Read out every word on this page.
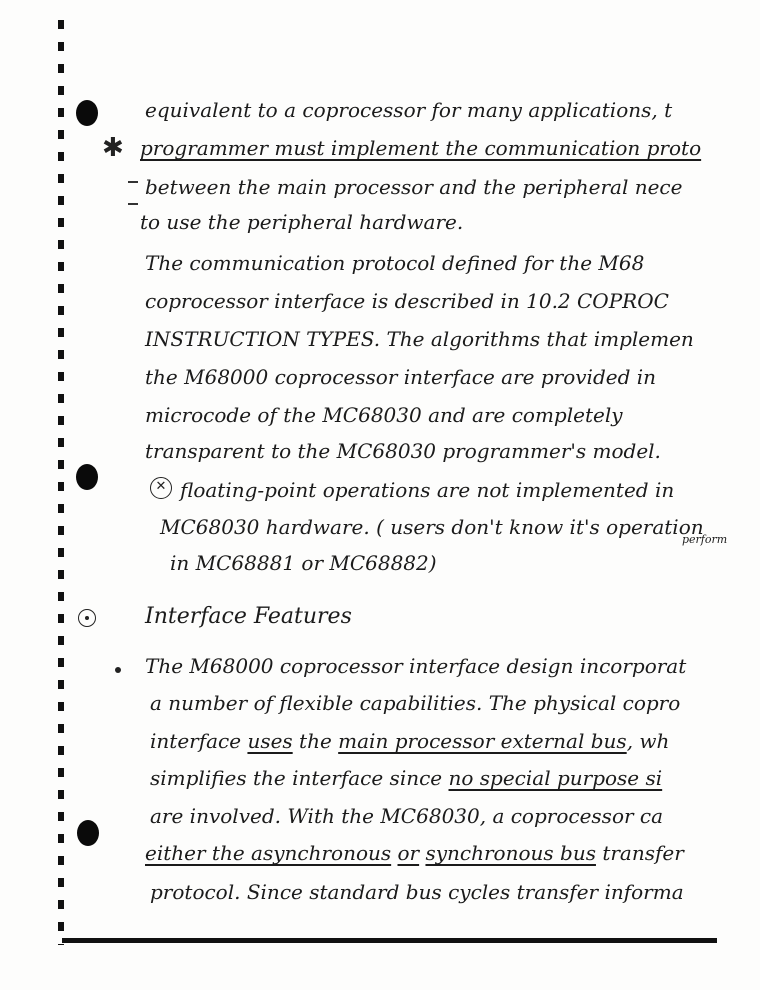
✱
✕
equivalent to a coprocessor for many applications, t
programmer must implement the communication proto
between the main processor and the peripheral nece
to use the peripheral hardware.
The communication protocol defined for the M68
coprocessor interface is described in 10.2 COPROC
INSTRUCTION TYPES. The algorithms that implemen
the M68000 coprocessor interface are provided in
microcode of the MC68030 and are completely
transparent to the MC68030 programmer's model.
floating-point operations are not implemented in
MC68030 hardware. ( users don't know it's operation
perform
in MC68881 or MC68882)
Interface Features
The M68000 coprocessor interface design incorporat
a number of flexible capabilities. The physical copro
interface uses the main processor external bus, wh
simplifies the interface since no special purpose si
are involved. With the MC68030, a coprocessor ca
either the asynchronous or synchronous bus transfer
protocol. Since standard bus cycles transfer informa
